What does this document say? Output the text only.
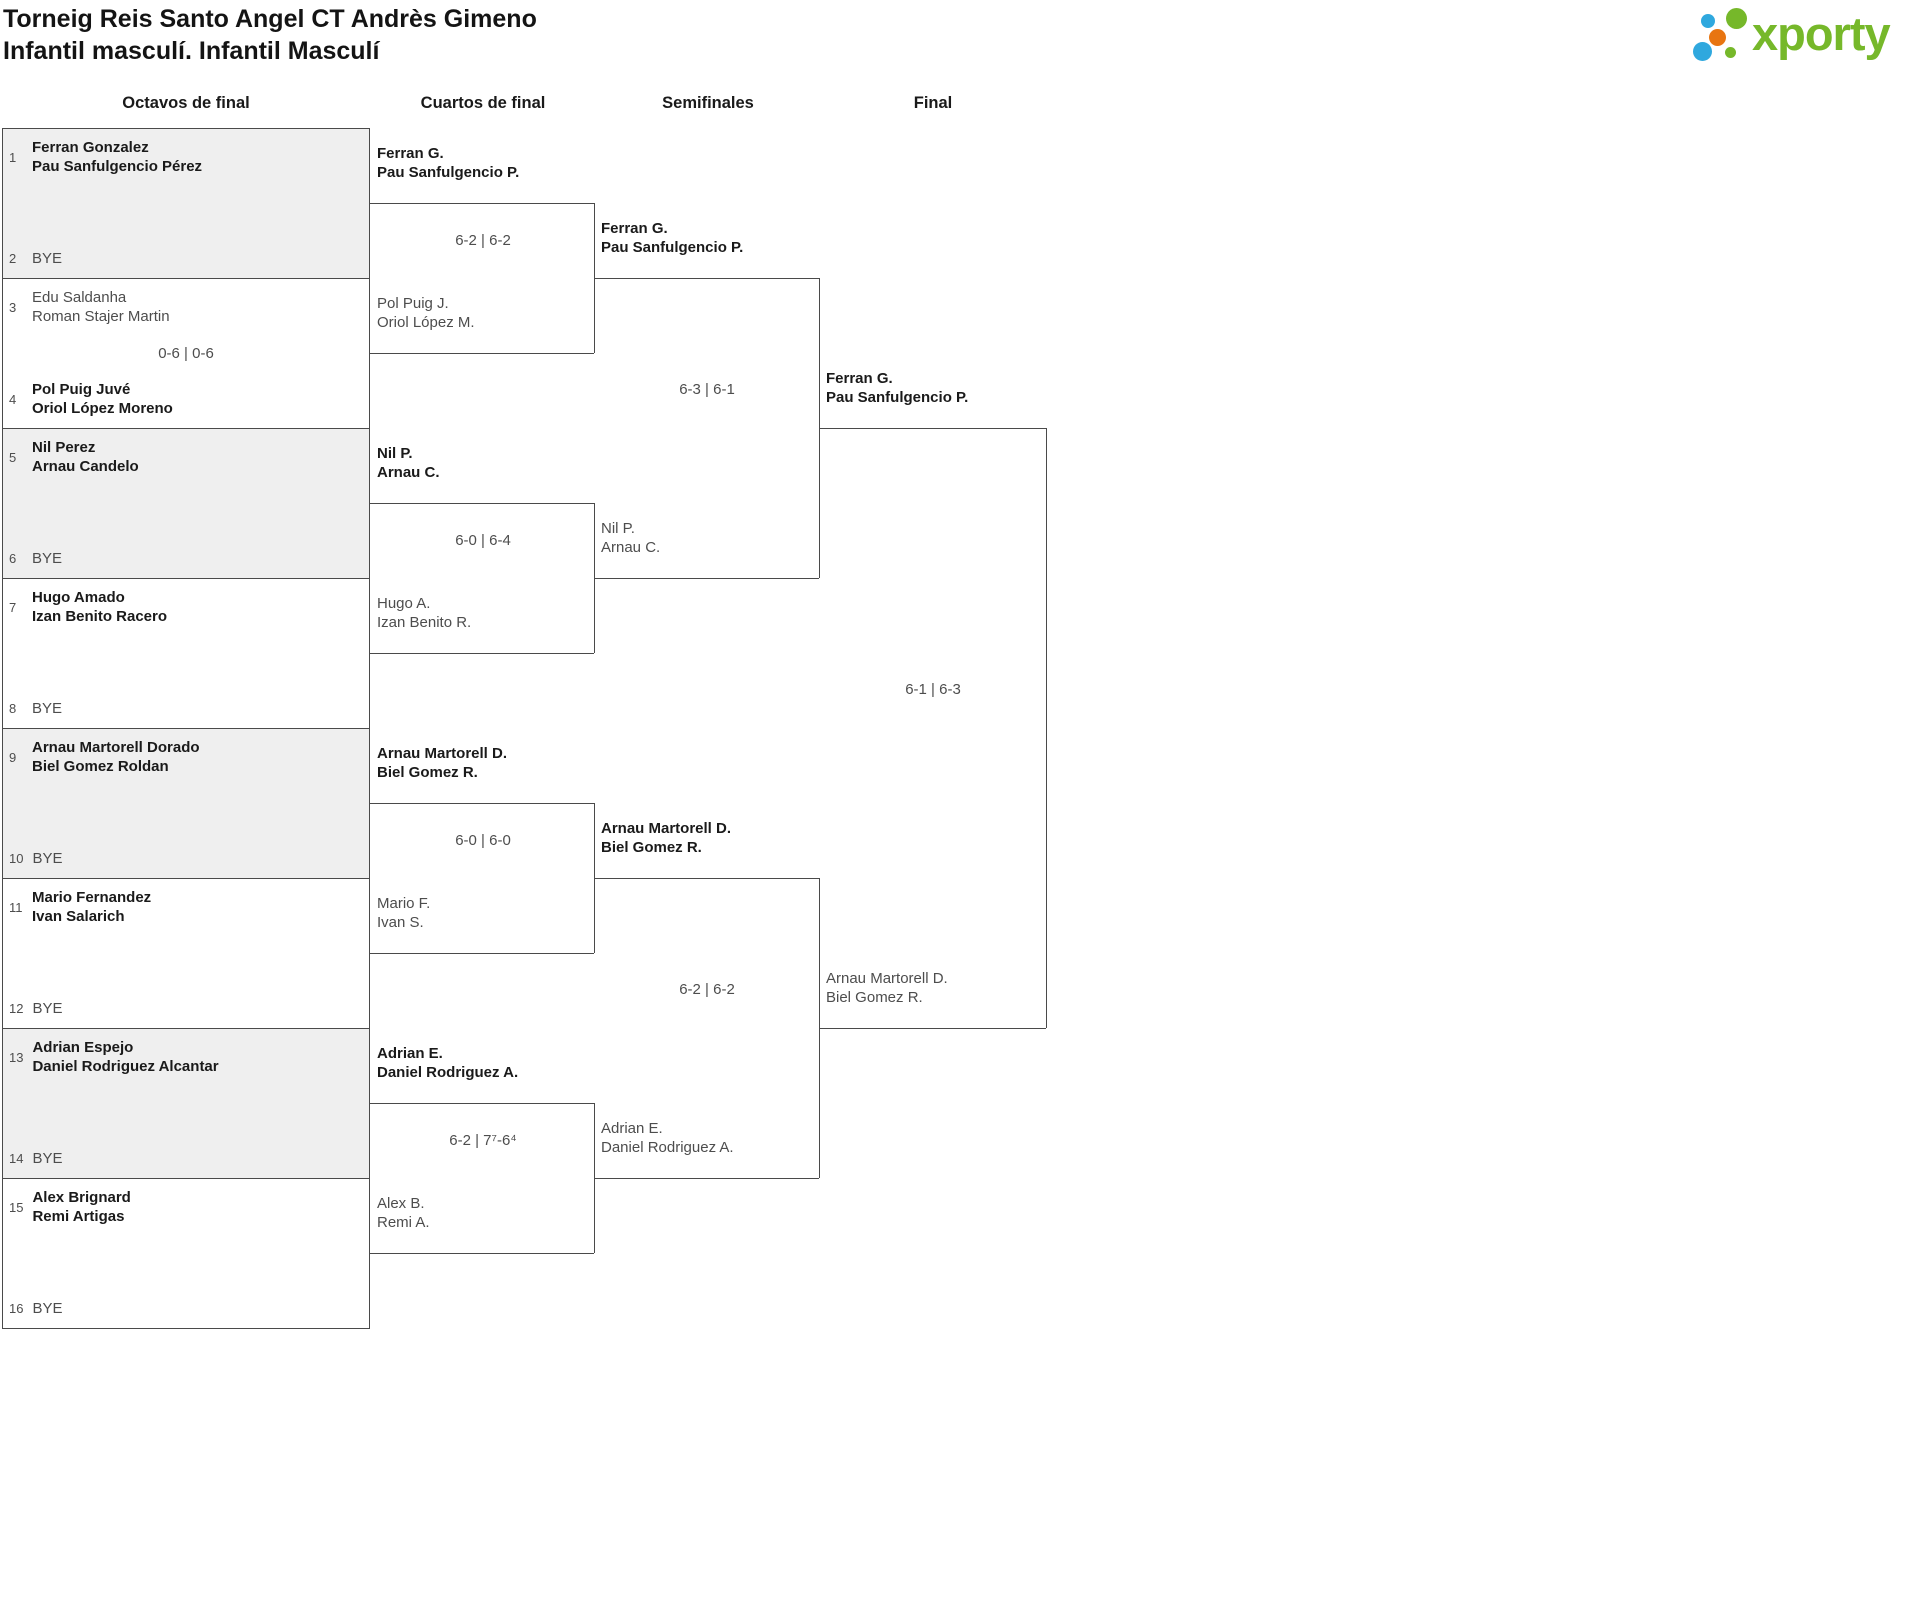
Torneig Reis Santo Angel CT Andrès Gimeno
Infantil masculí. Infantil Masculí	xporty
Octavos de final	Cuartos de final	Semifinales	Final
1
Ferran Gonzalez
Pau Sanfulgencio Pérez
2	BYE
3
Edu Saldanha
Roman Stajer Martin
0-6 | 0-6
4
Pol Puig Juvé
Oriol López Moreno
5
Nil Perez
Arnau Candelo
6	BYE
7
Hugo Amado
Izan Benito Racero
8	BYE
9
Arnau Martorell Dorado
Biel Gomez Roldan
10 BYE
11
Mario Fernandez
Ivan Salarich
12 BYE
13
Adrian Espejo
Daniel Rodriguez Alcantar
14 BYE
15
Alex Brignard
Remi Artigas
16 BYE
Ferran G.
Pau Sanfulgencio P.
6-2 | 6-2
Pol Puig J.
Oriol López M.
Nil P.
Arnau C.
6-0 | 6-4
Hugo A.
Izan Benito R.
Arnau Martorell D.
Biel Gomez R.
6-0 | 6-0
Mario F.
Ivan S.
Adrian E.
Daniel Rodriguez A.
6-2 | 7⁷-6⁴
Alex B.
Remi A.
Ferran G.
Pau Sanfulgencio P.
6-3 | 6-1
Nil P.
Arnau C.
Arnau Martorell D.
Biel Gomez R.
6-2 | 6-2
Adrian E.
Daniel Rodriguez A.
Ferran G.
Pau Sanfulgencio P.
6-1 | 6-3
Arnau Martorell D.
Biel Gomez R.
